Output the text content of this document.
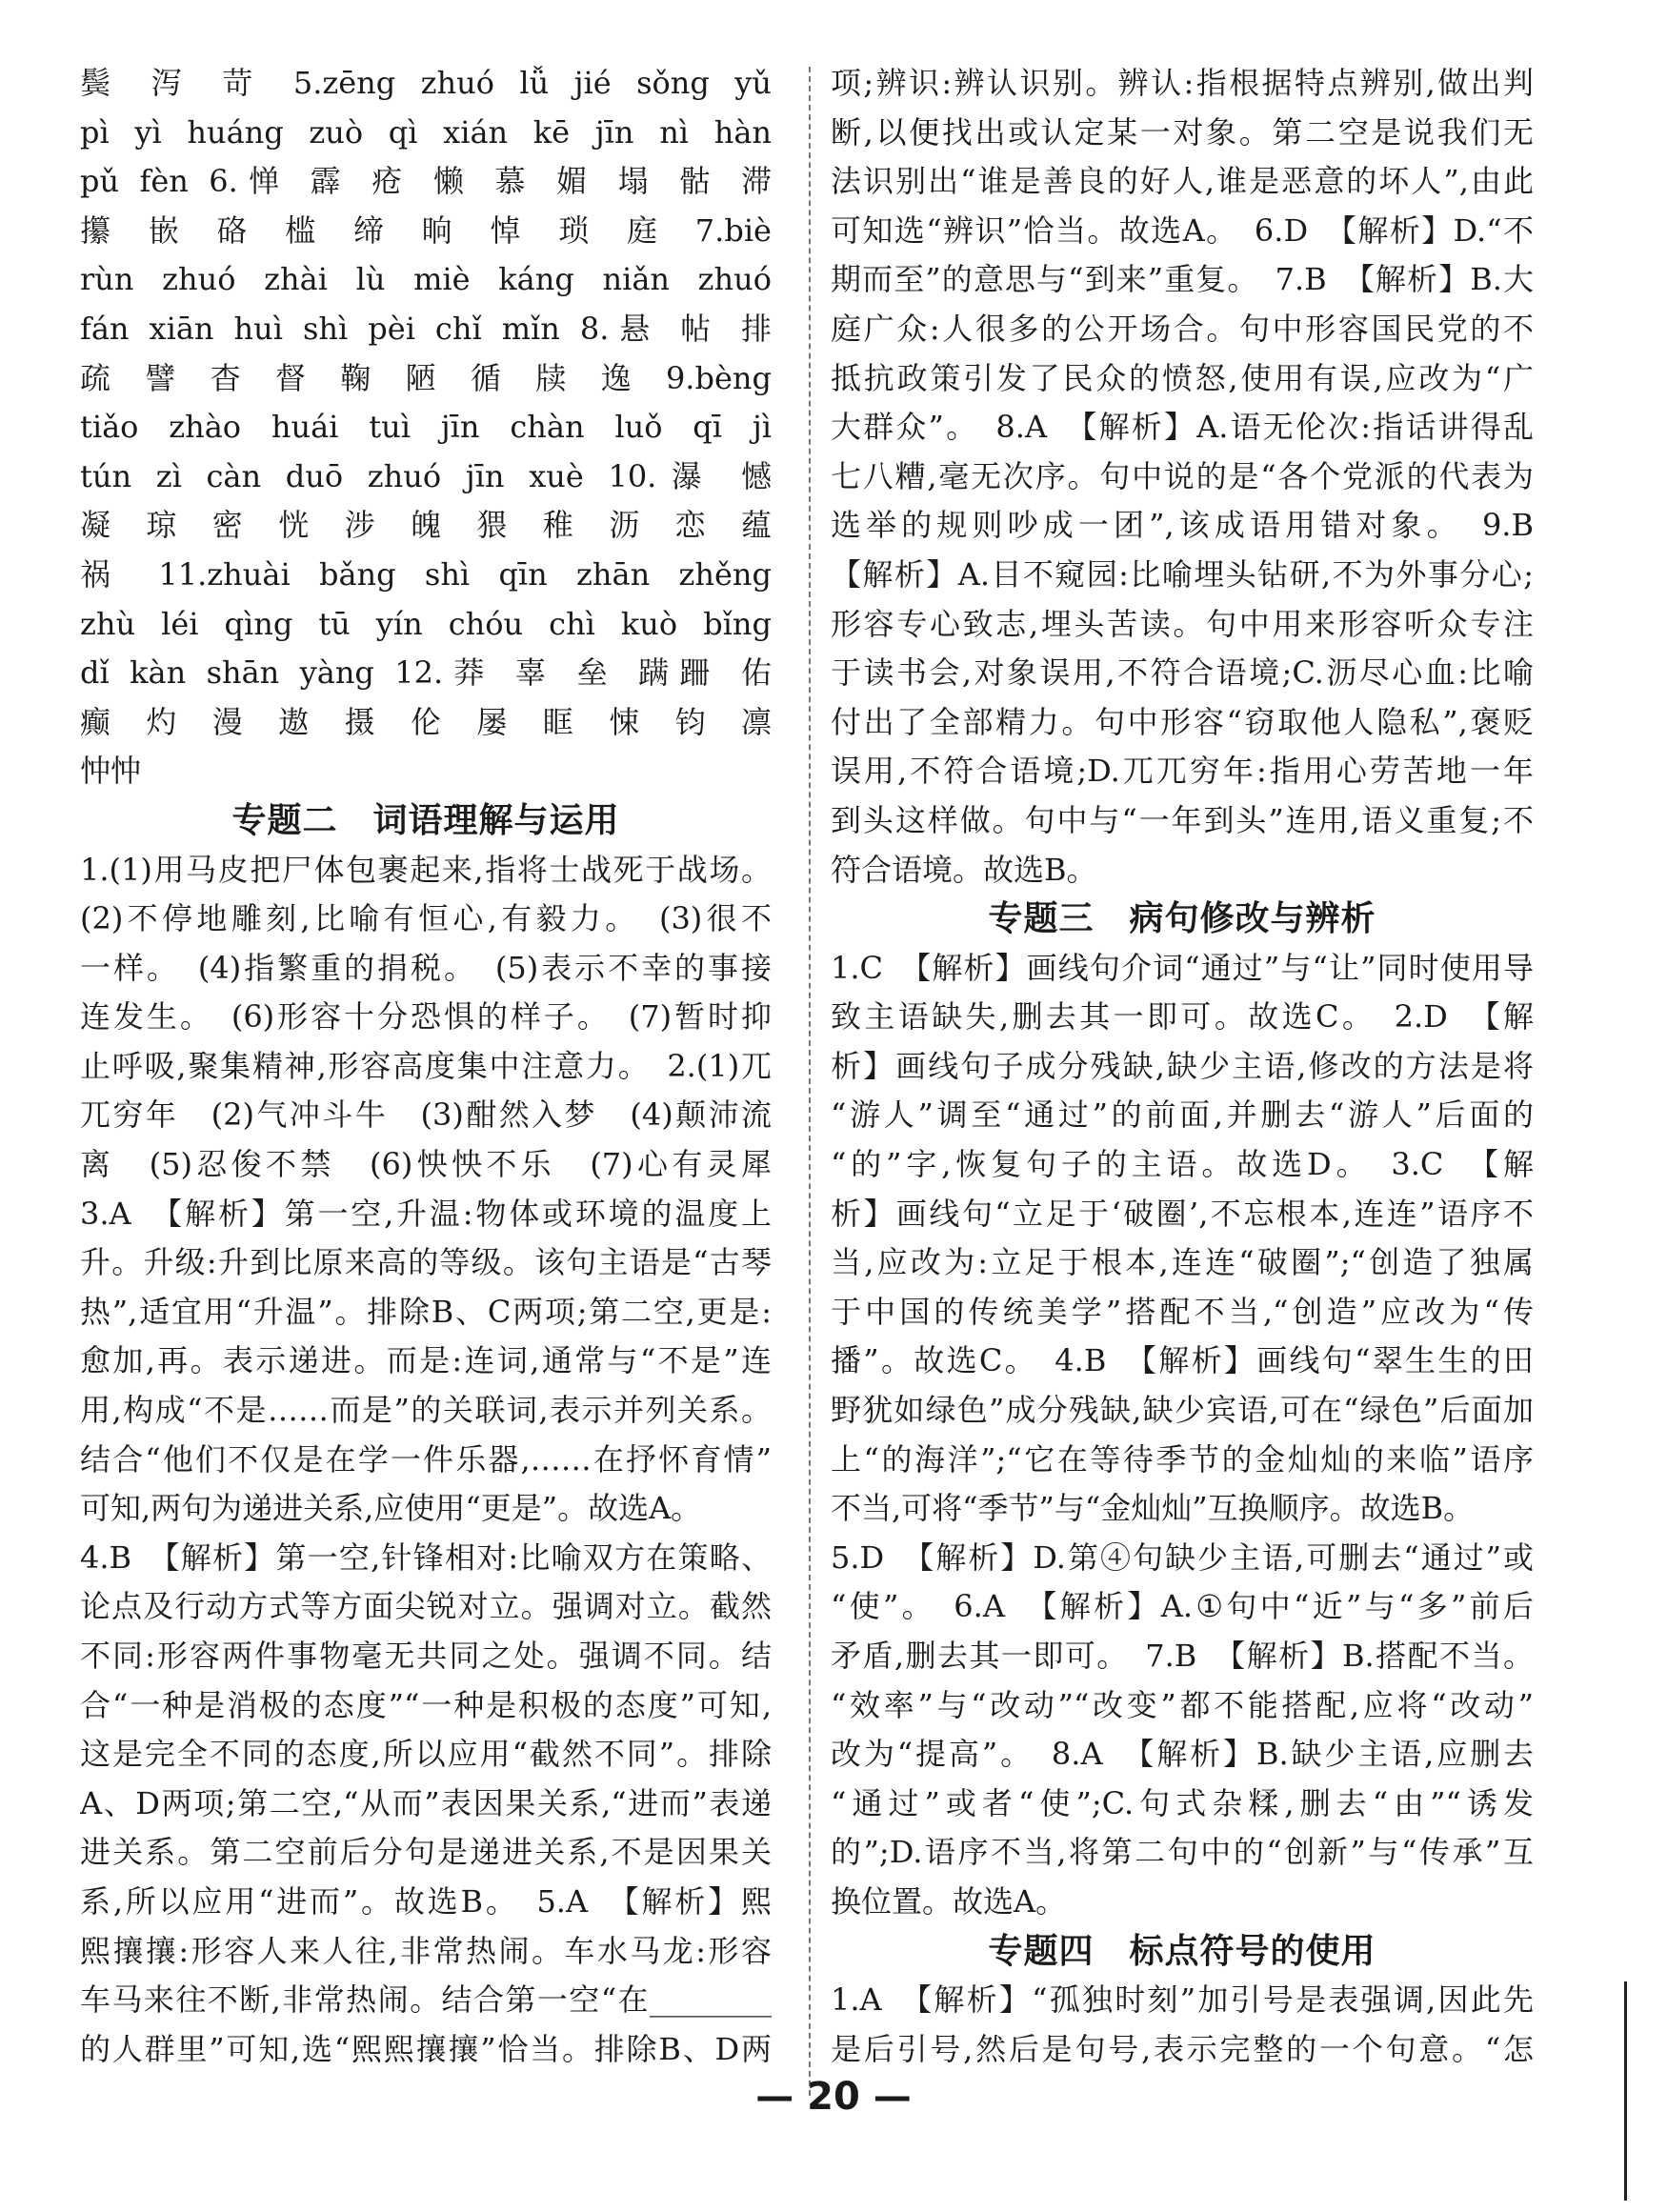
鬓 泻 苛 5.zēng zhuó lǚ jié sǒng yǔ
pì yì huáng zuò qì xián kē jīn nì hàn
pǔ fèn 6.惮 霹 疮 懒 慕 媚 塌 骷 滞
攥 嵌 硌 槛 缔 晌 悼 琐 庭 7.biè
rùn zhuó zhài lù miè káng niǎn zhuó
fán xiān huì shì pèi chǐ mǐn 8.悬 帖 排
疏 譬 杳 督 鞠 陋 循 牍 逸 9.bèng
tiǎo zhào huái tuì jīn chàn luǒ qī jì
tún zì càn duō zhuó jīn xuè 10.瀑 憾
凝 琼 密 恍 涉 魄 猥 稚 沥 恋 蕴
祸 11.zhuài bǎng shì qīn zhān zhěng
zhù léi qìng tū yín chóu chì kuò bǐng
dǐ kàn shān yàng 12.莽 辜 垒 蹒跚 佑
癫 灼 漫 遨 摄 伦 屡 眶 悚 钧 凛
忡忡
专题二　词语理解与运用
1.(1)用马皮把尸体包裹起来,指将士战死于战场。
(2)不停地雕刻,比喻有恒心,有毅力。　(3)很不
一样。　(4)指繁重的捐税。　(5)表示不幸的事接
连发生。　(6)形容十分恐惧的样子。　(7)暂时抑
止呼吸,聚集精神,形容高度集中注意力。　2.(1)兀
兀穷年　(2)气冲斗牛　(3)酣然入梦　(4)颠沛流
离　(5)忍俊不禁　(6)怏怏不乐　(7)心有灵犀
3.A　【解析】第一空,升温:物体或环境的温度上
升。升级:升到比原来高的等级。该句主语是“古琴
热”,适宜用“升温”。排除B、C两项;第二空,更是:
愈加,再。表示递进。而是:连词,通常与“不是”连
用,构成“不是……而是”的关联词,表示并列关系。
结合“他们不仅是在学一件乐器,……在抒怀育情”
可知,两句为递进关系,应使用“更是”。故选A。
4.B　【解析】第一空,针锋相对:比喻双方在策略、
论点及行动方式等方面尖锐对立。强调对立。截然
不同:形容两件事物毫无共同之处。强调不同。结
合“一种是消极的态度”“一种是积极的态度”可知,
这是完全不同的态度,所以应用“截然不同”。排除
A、D两项;第二空,“从而”表因果关系,“进而”表递
进关系。第二空前后分句是递进关系,不是因果关
系,所以应用“进而”。故选B。　5.A　【解析】熙
熙攘攘:形容人来人往,非常热闹。车水马龙:形容
车马来往不断,非常热闹。结合第一空“在________
的人群里”可知,选“熙熙攘攘”恰当。排除B、D两
项;辨识:辨认识别。辨认:指根据特点辨别,做出判
断,以便找出或认定某一对象。第二空是说我们无
法识别出“谁是善良的好人,谁是恶意的坏人”,由此
可知选“辨识”恰当。故选A。　6.D　【解析】D.“不
期而至”的意思与“到来”重复。　7.B　【解析】B.大
庭广众:人很多的公开场合。句中形容国民党的不
抵抗政策引发了民众的愤怒,使用有误,应改为“广
大群众”。　8.A　【解析】A.语无伦次:指话讲得乱
七八糟,毫无次序。句中说的是“各个党派的代表为
选举的规则吵成一团”,该成语用错对象。　9.B
【解析】A.目不窥园:比喻埋头钻研,不为外事分心;
形容专心致志,埋头苦读。句中用来形容听众专注
于读书会,对象误用,不符合语境;C.沥尽心血:比喻
付出了全部精力。句中形容“窃取他人隐私”,褒贬
误用,不符合语境;D.兀兀穷年:指用心劳苦地一年
到头这样做。句中与“一年到头”连用,语义重复;不
符合语境。故选B。
专题三　病句修改与辨析
1.C　【解析】画线句介词“通过”与“让”同时使用导
致主语缺失,删去其一即可。故选C。　2.D　【解
析】画线句子成分残缺,缺少主语,修改的方法是将
“游人”调至“通过”的前面,并删去“游人”后面的
“的”字,恢复句子的主语。故选D。　3.C　【解
析】画线句“立足于‘破圈’,不忘根本,连连”语序不
当,应改为:立足于根本,连连“破圈”;“创造了独属
于中国的传统美学”搭配不当,“创造”应改为“传
播”。故选C。　4.B　【解析】画线句“翠生生的田
野犹如绿色”成分残缺,缺少宾语,可在“绿色”后面加
上“的海洋”;“它在等待季节的金灿灿的来临”语序
不当,可将“季节”与“金灿灿”互换顺序。故选B。
5.D　【解析】D.第④句缺少主语,可删去“通过”或
“使”。　6.A　【解析】A.①句中“近”与“多”前后
矛盾,删去其一即可。　7.B　【解析】B.搭配不当。
“效率”与“改动”“改变”都不能搭配,应将“改动”
改为“提高”。　8.A　【解析】B.缺少主语,应删去
“通过”或者“使”;C.句式杂糅,删去“由”“诱发
的”;D.语序不当,将第二句中的“创新”与“传承”互
换位置。故选A。
专题四　标点符号的使用
1.A　【解析】“孤独时刻”加引号是表强调,因此先
是后引号,然后是句号,表示完整的一个句意。“怎
— 20 —
